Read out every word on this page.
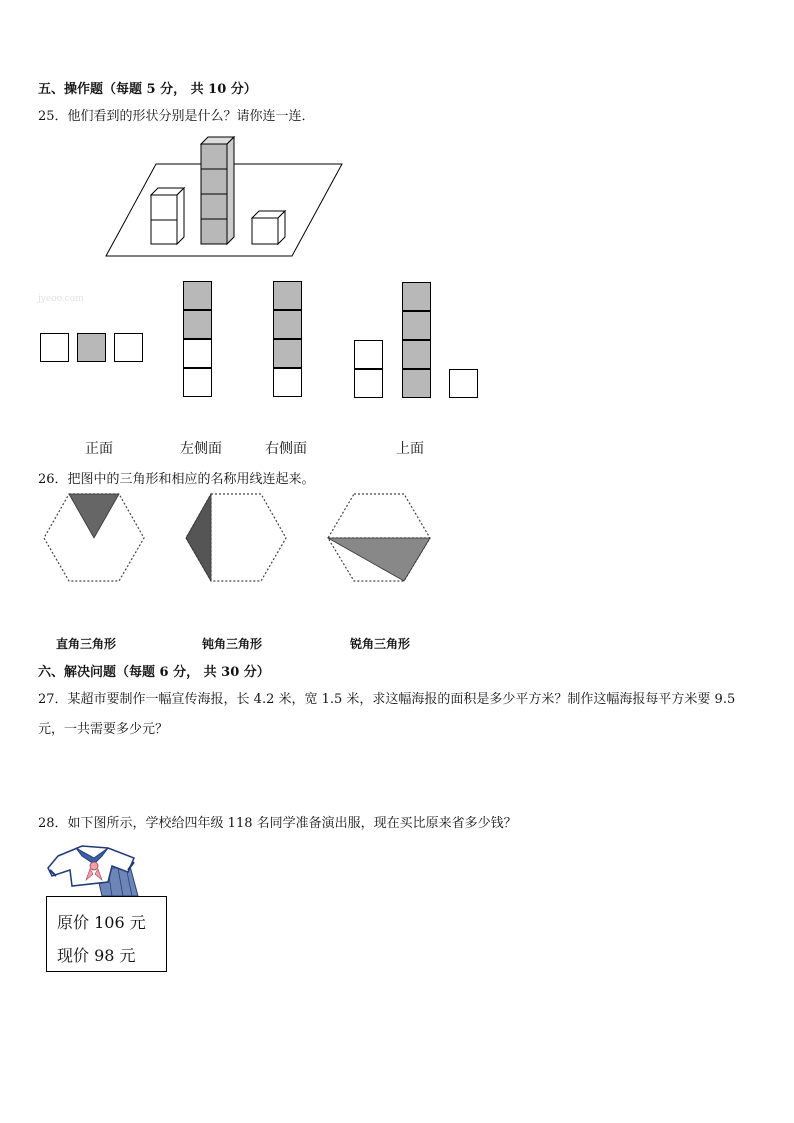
五、操作题（每题 5 分， 共 10 分）
25．他们看到的形状分别是什么？请你连一连．
jyeoo.com
正面	左侧面	右侧面	上面
26．把图中的三角形和相应的名称用线连起来。
直角三角形	钝角三角形	锐角三角形
六、解决问题（每题 6 分， 共 30 分）
27．某超市要制作一幅宣传海报，长 4.2 米，宽 1.5 米，求这幅海报的面积是多少平方米？制作这幅海报每平方米要 9.5
元，一共需要多少元？
28．如下图所示，学校给四年级 118 名同学准备演出服，现在买比原来省多少钱？
原价 106 元
现价 98 元
